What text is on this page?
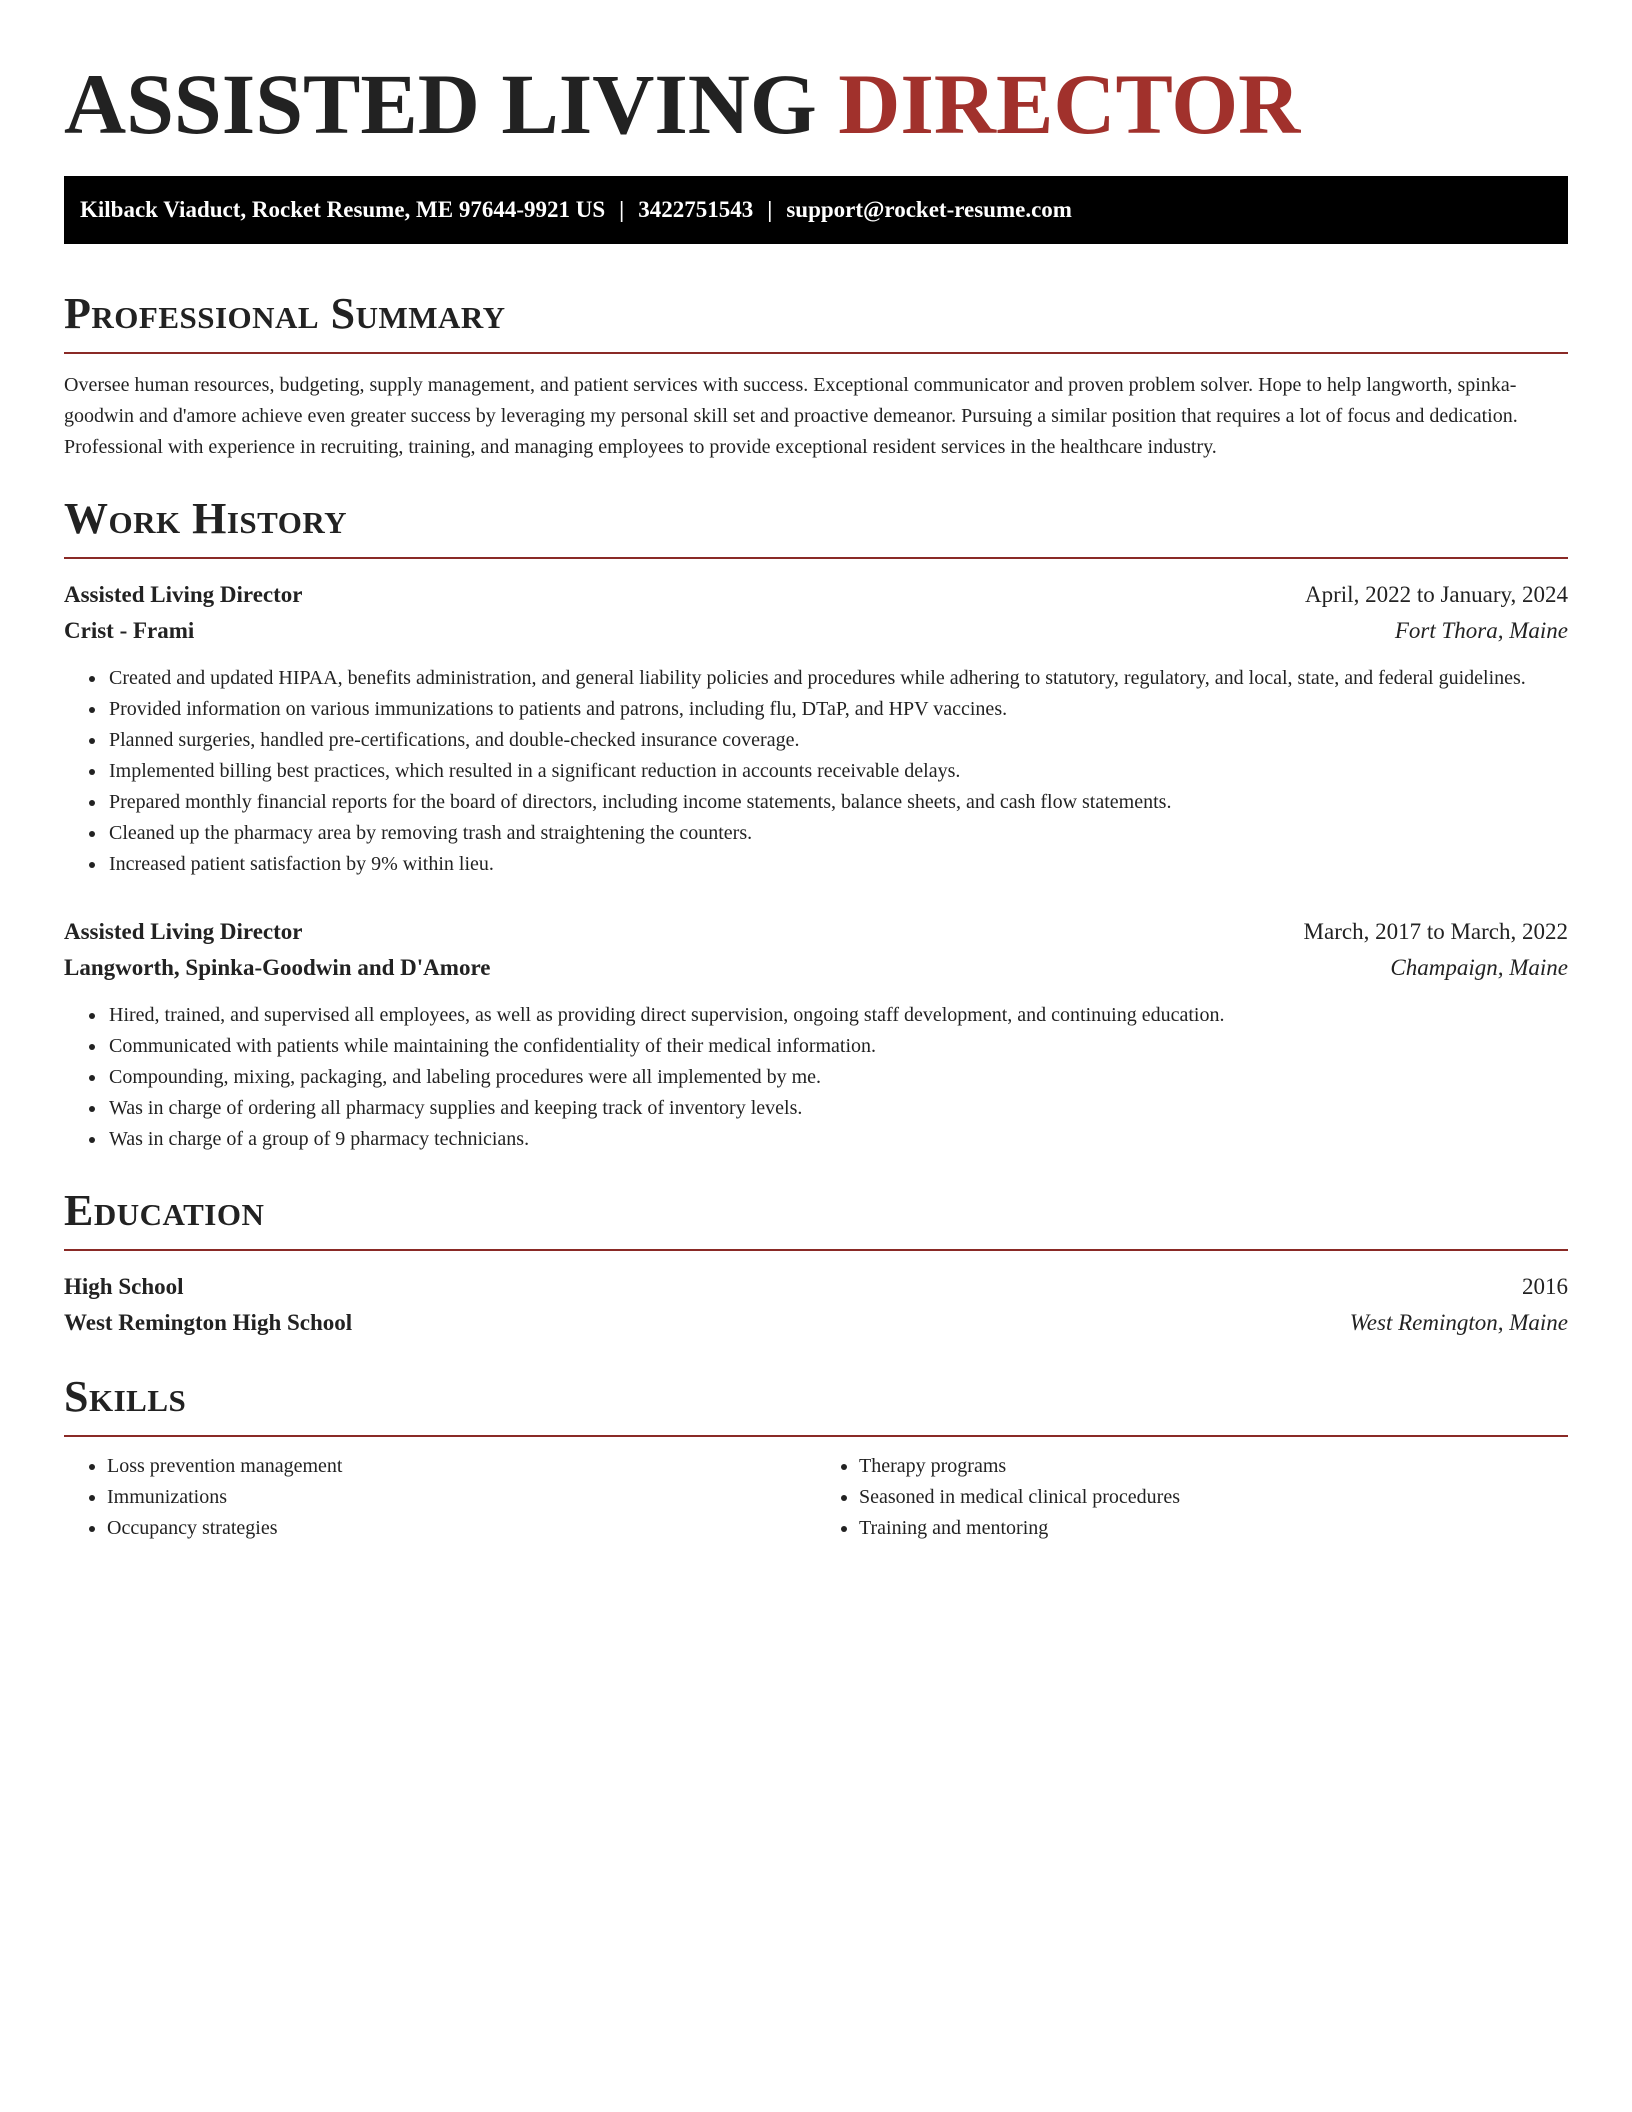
ASSISTED LIVING DIRECTOR
Kilback Viaduct, Rocket Resume, ME 97644-9921 US | 3422751543 | support@rocket-resume.com
Professional Summary

Oversee human resources, budgeting, supply management, and patient services with success. Exceptional communicator and proven problem solver. Hope to help langworth, spinka-goodwin and d'amore achieve even greater success by leveraging my personal skill set and proactive demeanor. Pursuing a similar position that requires a lot of focus and dedication. Professional with experience in recruiting, training, and managing employees to provide exceptional resident services in the healthcare industry.

Work History
Assisted Living Director	April, 2022 to January, 2024
Crist - Frami	Fort Thora, Maine
• Created and updated HIPAA, benefits administration, and general liability policies and procedures while adhering to statutory, regulatory, and local, state, and federal guidelines.
• Provided information on various immunizations to patients and patrons, including flu, DTaP, and HPV vaccines.
• Planned surgeries, handled pre-certifications, and double-checked insurance coverage.
• Implemented billing best practices, which resulted in a significant reduction in accounts receivable delays.
• Prepared monthly financial reports for the board of directors, including income statements, balance sheets, and cash flow statements.
• Cleaned up the pharmacy area by removing trash and straightening the counters.
• Increased patient satisfaction by 9% within lieu.
Assisted Living Director	March, 2017 to March, 2022
Langworth, Spinka-Goodwin and D'Amore	Champaign, Maine
• Hired, trained, and supervised all employees, as well as providing direct supervision, ongoing staff development, and continuing education.
• Communicated with patients while maintaining the confidentiality of their medical information.
• Compounding, mixing, packaging, and labeling procedures were all implemented by me.
• Was in charge of ordering all pharmacy supplies and keeping track of inventory levels.
• Was in charge of a group of 9 pharmacy technicians.
Education
High School	2016
West Remington High School	West Remington, Maine
Skills
• Loss prevention management
• Immunizations
• Occupancy strategies
• Therapy programs
• Seasoned in medical clinical procedures
• Training and mentoring
